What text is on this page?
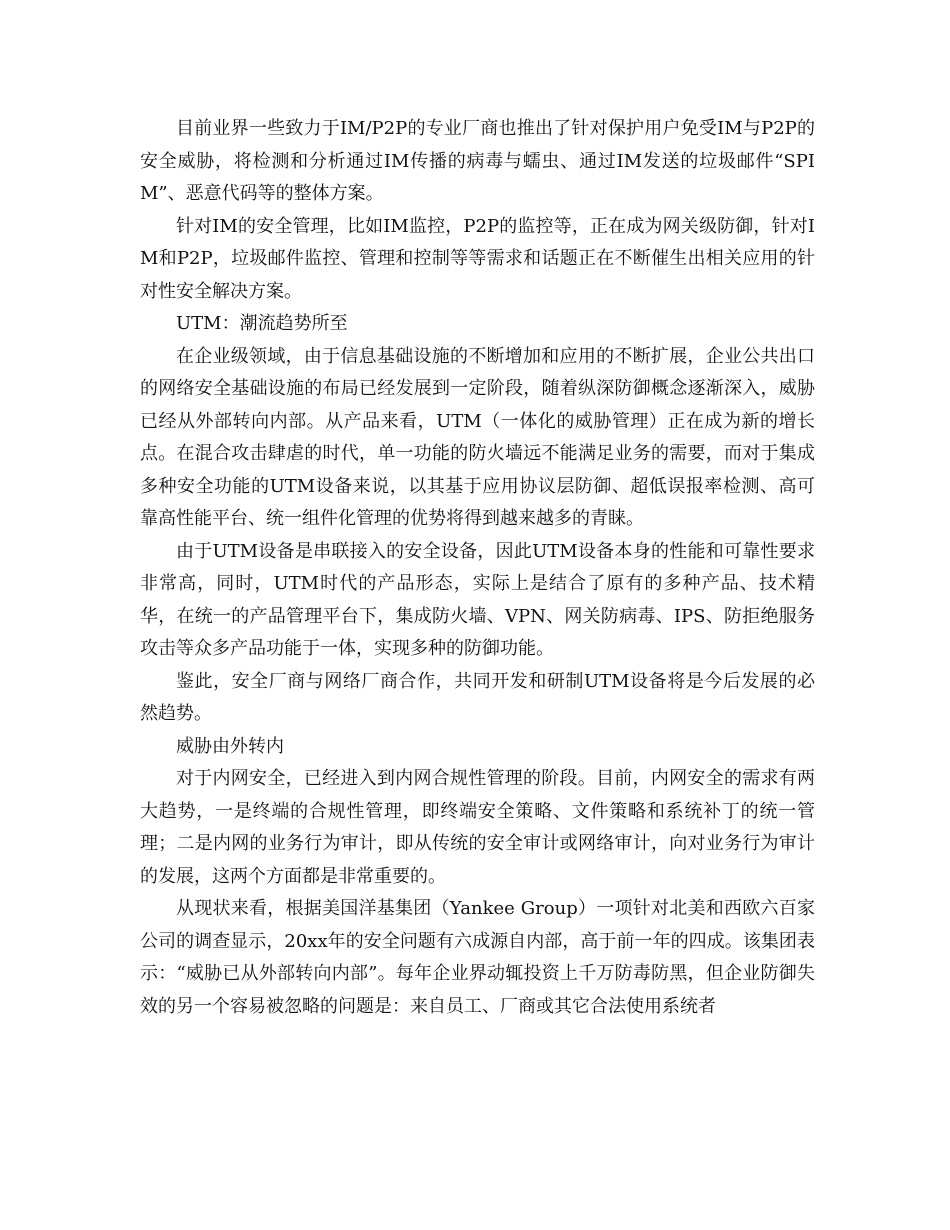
目前业界一些致力于IM/P2P的专业厂商也推出了针对保护用户免受IM与P2P的安全威胁，将检测和分析通过IM传播的病毒与蠕虫、通过IM发送的垃圾邮件“SPIM”、恶意代码等的整体方案。

针对IM的安全管理，比如IM监控，P2P的监控等，正在成为网关级防御，针对IM和P2P，垃圾邮件监控、管理和控制等等需求和话题正在不断催生出相关应用的针对性安全解决方案。

UTM：潮流趋势所至

在企业级领域，由于信息基础设施的不断增加和应用的不断扩展，企业公共出口的网络安全基础设施的布局已经发展到一定阶段，随着纵深防御概念逐渐深入，威胁已经从外部转向内部。从产品来看，UTM（一体化的威胁管理）正在成为新的增长点。在混合攻击肆虐的时代，单一功能的防火墙远不能满足业务的需要，而对于集成多种安全功能的UTM设备来说，以其基于应用协议层防御、超低误报率检测、高可靠高性能平台、统一组件化管理的优势将得到越来越多的青睐。

由于UTM设备是串联接入的安全设备，因此UTM设备本身的性能和可靠性要求非常高，同时，UTM时代的产品形态，实际上是结合了原有的多种产品、技术精华，在统一的产品管理平台下，集成防火墙、VPN、网关防病毒、IPS、防拒绝服务攻击等众多产品功能于一体，实现多种的防御功能。

鉴此，安全厂商与网络厂商合作，共同开发和研制UTM设备将是今后发展的必然趋势。

威胁由外转内

对于内网安全，已经进入到内网合规性管理的阶段。目前，内网安全的需求有两大趋势，一是终端的合规性管理，即终端安全策略、文件策略和系统补丁的统一管理；二是内网的业务行为审计，即从传统的安全审计或网络审计，向对业务行为审计的发展，这两个方面都是非常重要的。

从现状来看，根据美国洋基集团（Yankee Group）一项针对北美和西欧六百家公司的调查显示，20xx年的安全问题有六成源自内部，高于前一年的四成。该集团表示：“威胁已从外部转向内部”。每年企业界动辄投资上千万防毒防黑，但企业防御失效的另一个容易被忽略的问题是：来自员工、厂商或其它合法使用系统者
